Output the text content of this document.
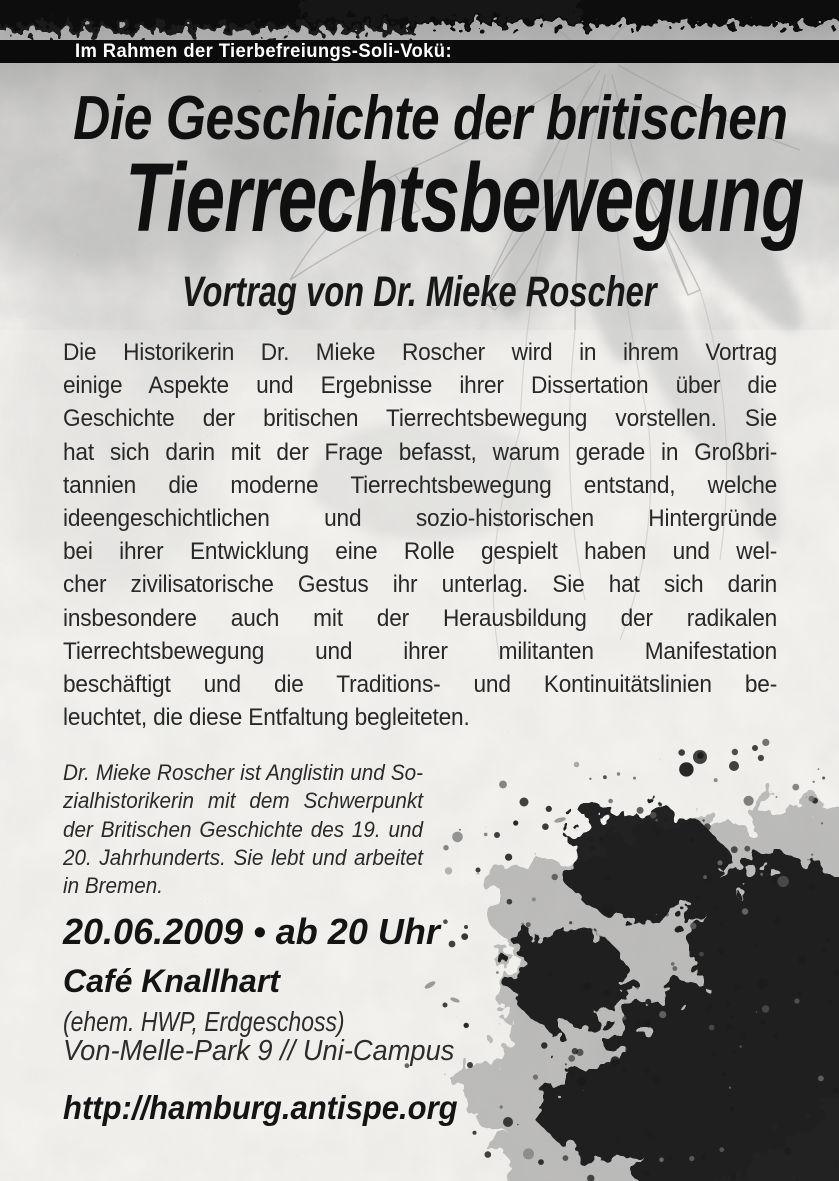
Im Rahmen der Tierbefreiungs-Soli-Vokü:
Die Geschichte der britischen
Tierrechtsbewegung
Vortrag von Dr. Mieke Roscher
Die Historikerin Dr. Mieke Roscher wird in ihrem Vortrag
einige Aspekte und Ergebnisse ihrer Dissertation über die
Geschichte der britischen Tierrechtsbewegung vorstellen. Sie
hat sich darin mit der Frage befasst, warum gerade in Großbri-
tannien die moderne Tierrechtsbewegung entstand, welche
ideengeschichtlichen und sozio-historischen Hintergründe
bei ihrer Entwicklung eine Rolle gespielt haben und wel-
cher zivilisatorische Gestus ihr unterlag. Sie hat sich darin
insbesondere auch mit der Herausbildung der radikalen
Tierrechtsbewegung und ihrer militanten Manifestation
beschäftigt und die Traditions- und Kontinuitätslinien be-
leuchtet, die diese Entfaltung begleiteten.
Dr. Mieke Roscher ist Anglistin und So-
zialhistorikerin mit dem Schwerpunkt
der Britischen Geschichte des 19. und
20. Jahrhunderts. Sie lebt und arbeitet
in Bremen.
20.06.2009 • ab 20 Uhr
Café Knallhart
(ehem. HWP, Erdgeschoss)
Von-Melle-Park 9 // Uni-Campus
http://hamburg.antispe.org
